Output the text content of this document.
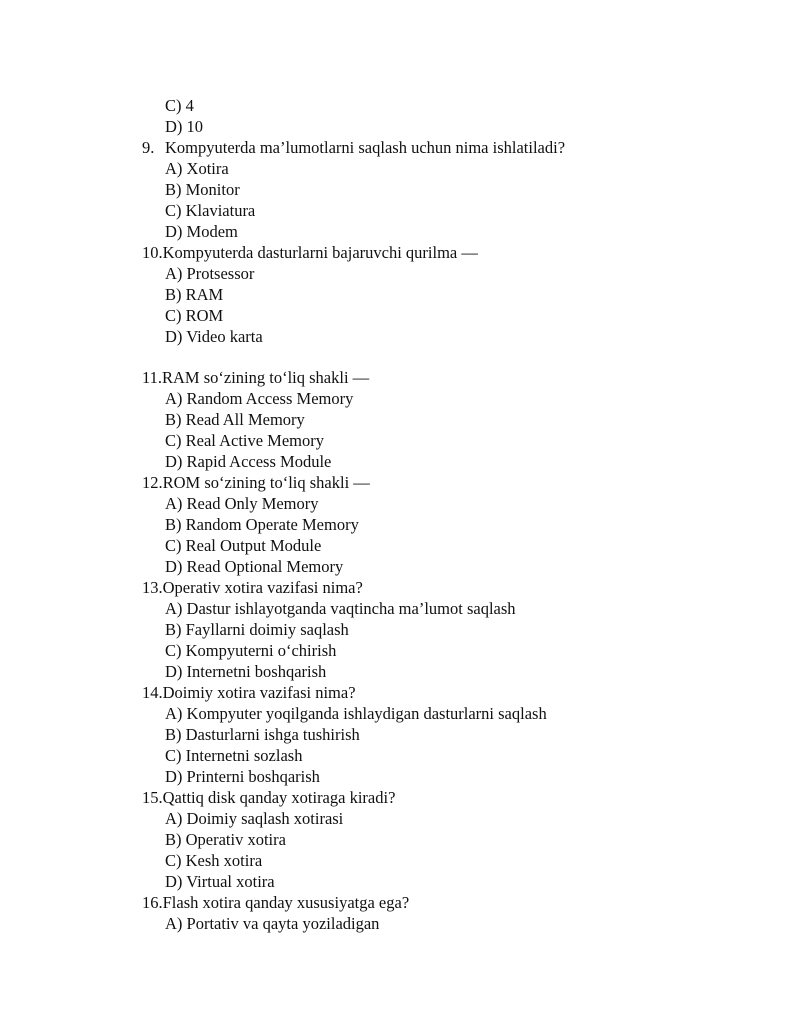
C) 4
D) 10
9. Kompyuterda ma’lumotlarni saqlash uchun nima ishlatiladi?
A) Xotira
B) Monitor
C) Klaviatura
D) Modem
10. Kompyuterda dasturlarni bajaruvchi qurilma —
A) Protsessor
B) RAM
C) ROM
D) Video karta
11. RAM so‘zining to‘liq shakli —
A) Random Access Memory
B) Read All Memory
C) Real Active Memory
D) Rapid Access Module
12. ROM so‘zining to‘liq shakli —
A) Read Only Memory
B) Random Operate Memory
C) Real Output Module
D) Read Optional Memory
13. Operativ xotira vazifasi nima?
A) Dastur ishlayotganda vaqtincha ma’lumot saqlash
B) Fayllarni doimiy saqlash
C) Kompyuterni o‘chirish
D) Internetni boshqarish
14. Doimiy xotira vazifasi nima?
A) Kompyuter yoqilganda ishlaydigan dasturlarni saqlash
B) Dasturlarni ishga tushirish
C) Internetni sozlash
D) Printerni boshqarish
15. Qattiq disk qanday xotiraga kiradi?
A) Doimiy saqlash xotirasi
B) Operativ xotira
C) Kesh xotira
D) Virtual xotira
16. Flash xotira qanday xususiyatga ega?
A) Portativ va qayta yoziladigan
